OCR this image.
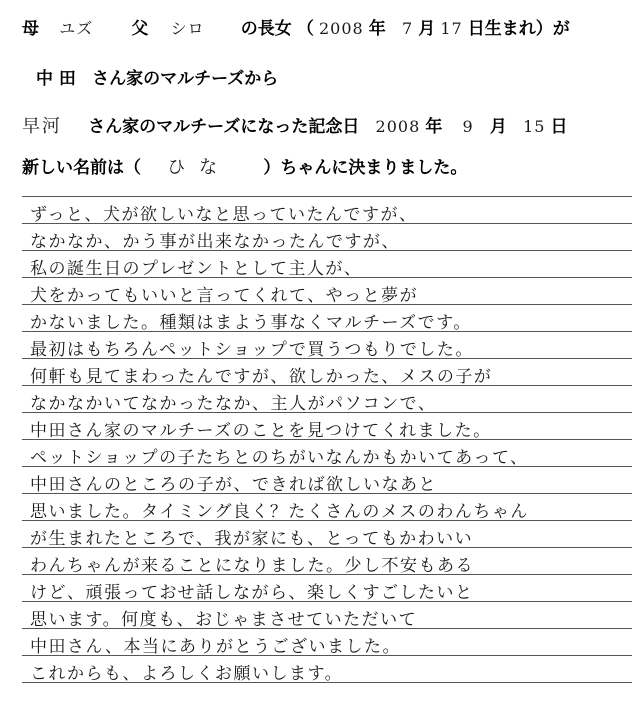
母 ユズ 父 シロ の長女 （ 2008 年 7 月 17 日生まれ）が
中 田 さん家のマルチーズから
早河 さん家のマルチーズになった記念日 2008 年 9 月 15 日
新しい名前は（ ひな ）ちゃんに決まりました。
ずっと、犬が欲しいなと思っていたんですが、
なかなか、かう事が出来なかったんですが、
私の誕生日のプレゼントとして主人が、
犬をかってもいいと言ってくれて、やっと夢が
かないました。種類はまよう事なくマルチーズです。
最初はもちろんペットショップで買うつもりでした。
何軒も見てまわったんですが、欲しかった、メスの子が
なかなかいてなかったなか、主人がパソコンで、
中田さん家のマルチーズのことを見つけてくれました。
ペットショップの子たちとのちがいなんかもかいてあって、
中田さんのところの子が、できれば欲しいなあと
思いました。タイミング良く？たくさんのメスのわんちゃん
が生まれたところで、我が家にも、とってもかわいい
わんちゃんが来ることになりました。少し不安もある
けど、頑張っておせ話しながら、楽しくすごしたいと
思います。何度も、おじゃまさせていただいて
中田さん、本当にありがとうございました。
これからも、よろしくお願いします。
